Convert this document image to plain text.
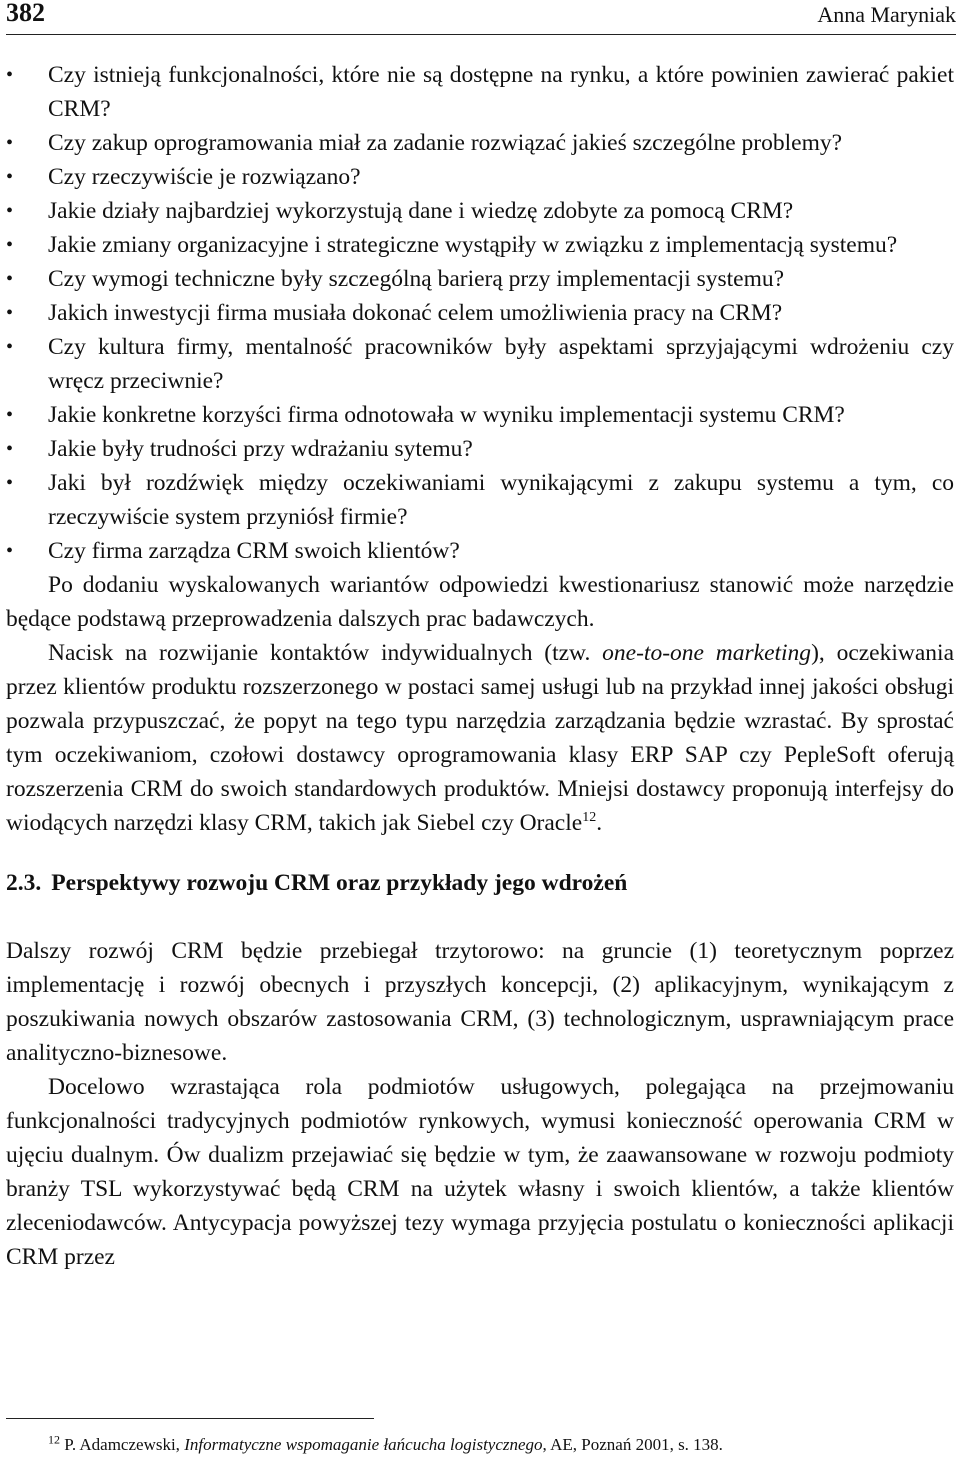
382	Anna Maryniak
• Czy istnieją funkcjonalności, które nie są dostępne na rynku, a które powinien zawierać pakiet CRM?
• Czy zakup oprogramowania miał za zadanie rozwiązać jakieś szczególne problemy?
• Czy rzeczywiście je rozwiązano?
• Jakie działy najbardziej wykorzystują dane i wiedzę zdobyte za pomocą CRM?
• Jakie zmiany organizacyjne i strategiczne wystąpiły w związku z implementacją systemu?
• Czy wymogi techniczne były szczególną barierą przy implementacji systemu?
• Jakich inwestycji firma musiała dokonać celem umożliwienia pracy na CRM?
• Czy kultura firmy, mentalność pracowników były aspektami sprzyjającymi wdrożeniu czy wręcz przeciwnie?
• Jakie konkretne korzyści firma odnotowała w wyniku implementacji systemu CRM?
• Jakie były trudności przy wdrażaniu sytemu?
• Jaki był rozdźwięk między oczekiwaniami wynikającymi z zakupu systemu a tym, co rzeczywiście system przyniósł firmie?
• Czy firma zarządza CRM swoich klientów?

Po dodaniu wyskalowanych wariantów odpowiedzi kwestionariusz stanowić może narzędzie będące podstawą przeprowadzenia dalszych prac badawczych.

Nacisk na rozwijanie kontaktów indywidualnych (tzw. one-to-one marketing), oczekiwania przez klientów produktu rozszerzonego w postaci samej usługi lub na przykład innej jakości obsługi pozwala przypuszczać, że popyt na tego typu narzędzia zarządzania będzie wzrastać. By sprostać tym oczekiwaniom, czołowi dostawcy oprogramowania klasy ERP SAP czy PepleSoft oferują rozszerzenia CRM do swoich standardowych produktów. Mniejsi dostawcy proponują interfejsy do wiodących narzędzi klasy CRM, takich jak Siebel czy Oracle$^{12}$.

2.3. Perspektywy rozwoju CRM oraz przykłady jego wdrożeń

Dalszy rozwój CRM będzie przebiegał trzytorowo: na gruncie (1) teoretycznym poprzez implementację i rozwój obecnych i przyszłych koncepcji, (2) aplikacyjnym, wynikającym z poszukiwania nowych obszarów zastosowania CRM, (3) technologicznym, usprawniającym prace analityczno-biznesowe.

Docelowo wzrastająca rola podmiotów usługowych, polegająca na przejmowaniu funkcjonalności tradycyjnych podmiotów rynkowych, wymusi konieczność operowania CRM w ujęciu dualnym. Ów dualizm przejawiać się będzie w tym, że zaawansowane w rozwoju podmioty branży TSL wykorzystywać będą CRM na użytek własny i swoich klientów, a także klientów zleceniodawców. Antycypacja powyższej tezy wymaga przyjęcia postulatu o konieczności aplikacji CRM przez

$^{12}$ P. Adamczewski, Informatyczne wspomaganie łańcucha logistycznego, AE, Poznań 2001, s. 138.
